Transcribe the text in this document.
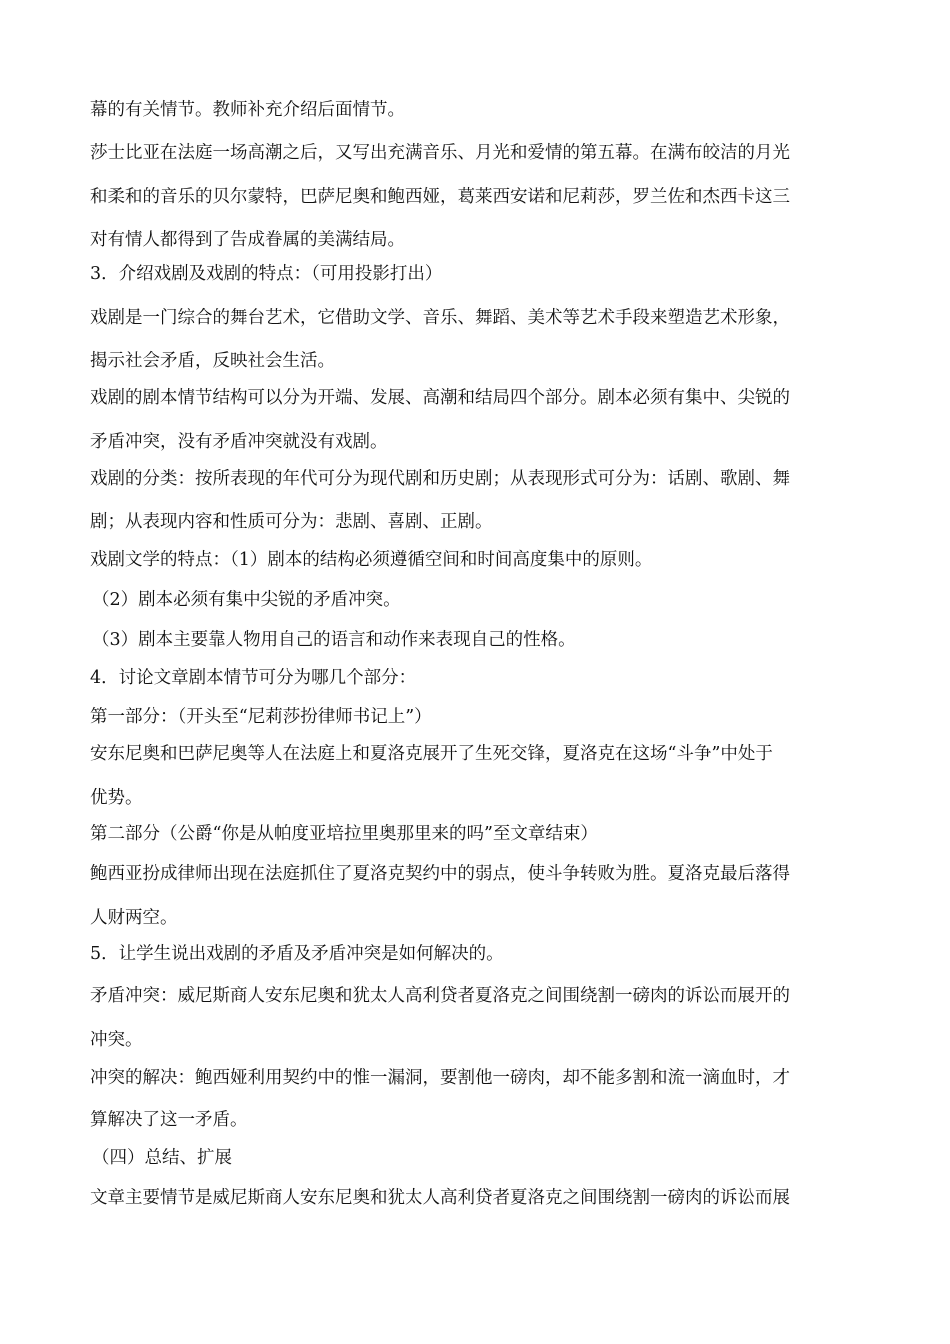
幕的有关情节。教师补充介绍后面情节。
莎士比亚在法庭一场高潮之后，又写出充满音乐、月光和爱情的第五幕。在满布皎洁的月光
和柔和的音乐的贝尔蒙特，巴萨尼奥和鲍西娅，葛莱西安诺和尼莉莎，罗兰佐和杰西卡这三
对有情人都得到了告成眷属的美满结局。
3．介绍戏剧及戏剧的特点：（可用投影打出）
戏剧是一门综合的舞台艺术，它借助文学、音乐、舞蹈、美术等艺术手段来塑造艺术形象，
揭示社会矛盾，反映社会生活。
戏剧的剧本情节结构可以分为开端、发展、高潮和结局四个部分。剧本必须有集中、尖锐的
矛盾冲突，没有矛盾冲突就没有戏剧。
戏剧的分类：按所表现的年代可分为现代剧和历史剧；从表现形式可分为：话剧、歌剧、舞
剧；从表现内容和性质可分为：悲剧、喜剧、正剧。
戏剧文学的特点：（1）剧本的结构必须遵循空间和时间高度集中的原则。
（2）剧本必须有集中尖锐的矛盾冲突。
（3）剧本主要靠人物用自己的语言和动作来表现自己的性格。
4．讨论文章剧本情节可分为哪几个部分：
第一部分：（开头至“尼莉莎扮律师书记上”）
安东尼奥和巴萨尼奥等人在法庭上和夏洛克展开了生死交锋，夏洛克在这场“斗争”中处于
优势。
第二部分（公爵“你是从帕度亚培拉里奥那里来的吗”至文章结束）
鲍西亚扮成律师出现在法庭抓住了夏洛克契约中的弱点，使斗争转败为胜。夏洛克最后落得
人财两空。
5．让学生说出戏剧的矛盾及矛盾冲突是如何解决的。
矛盾冲突：威尼斯商人安东尼奥和犹太人高利贷者夏洛克之间围绕割一磅肉的诉讼而展开的
冲突。
冲突的解决：鲍西娅利用契约中的惟一漏洞，要割他一磅肉，却不能多割和流一滴血时，才
算解决了这一矛盾。
（四）总结、扩展
文章主要情节是威尼斯商人安东尼奥和犹太人高利贷者夏洛克之间围绕割一磅肉的诉讼而展
